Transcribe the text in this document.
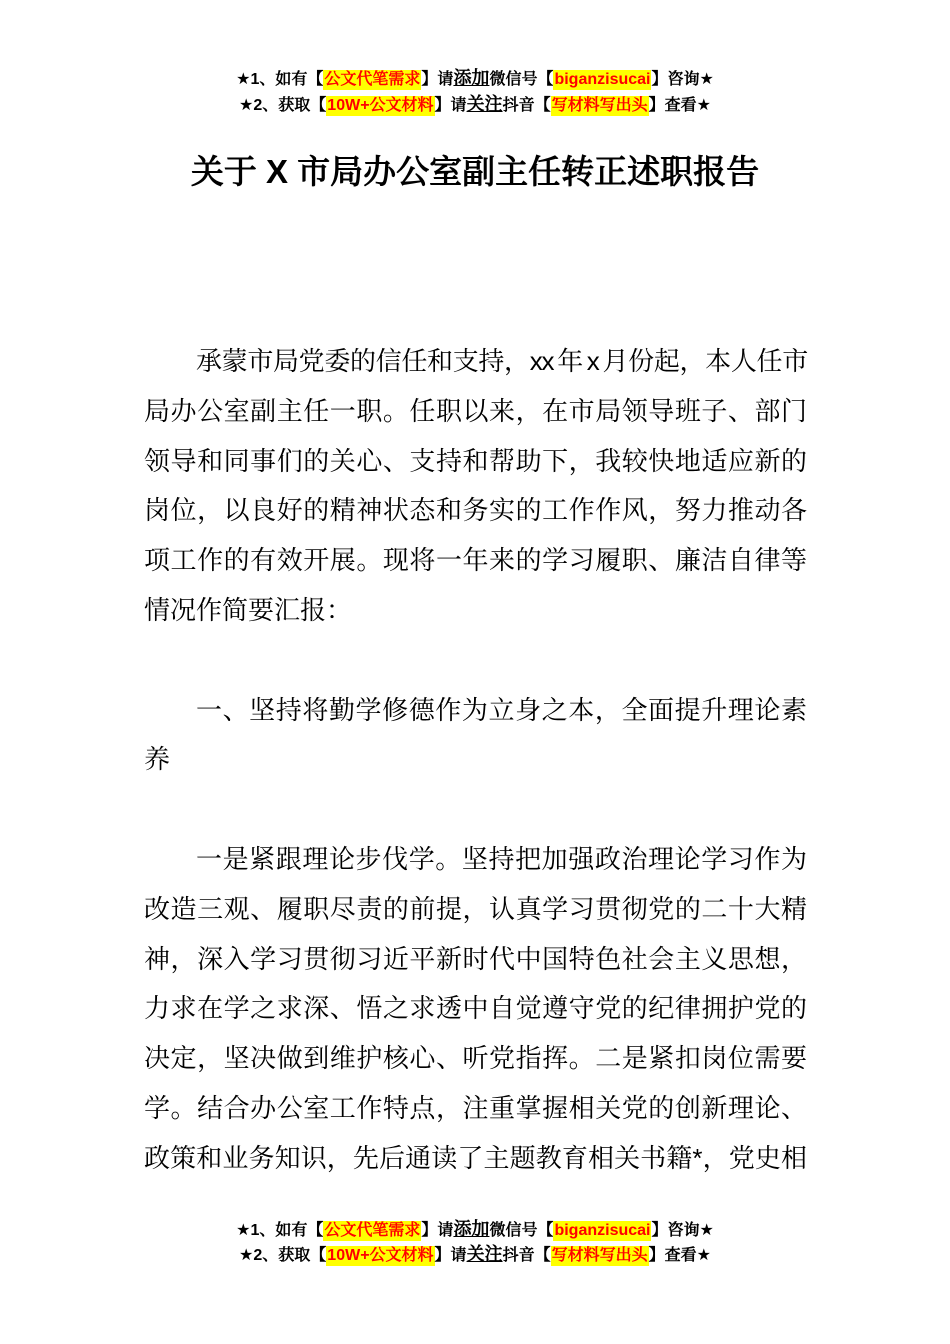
★1、如有【 公文代笔需求 】请 添加 微信号【 biganzisucai 】咨询★
★2、获取【 10W+公文材料 】请 关注 抖音【 写材料写出头 】查看★
关于 X 市局办公室副主任转正述职报告
承蒙市局党委的信任和支持，xx 年 x 月份起，本人任市
局办公室副主任一职。任职以来，在市局领导班子、部门
领导和同事们的关心、支持和帮助下，我较快地适应新的
岗位，以良好的精神状态和务实的工作作风，努力推动各
项工作的有效开展。现将一年来的学习履职、廉洁自律等
情况作简要汇报：
一、坚持将勤学修德作为立身之本，全面提升理论素
养
一是紧跟理论步伐学。坚持把加强政治理论学习作为
改造三观、履职尽责的前提，认真学习贯彻党的二十大精
神，深入学习贯彻习近平新时代中国特色社会主义思想，
力求在学之求深、悟之求透中自觉遵守党的纪律拥护党的
决定，坚决做到维护核心、听党指挥。二是紧扣岗位需要
学。结合办公室工作特点，注重掌握相关党的创新理论、
政策和业务知识，先后通读了主题教育相关书籍*，党史相
★1、如有【 公文代笔需求 】请 添加 微信号【 biganzisucai 】咨询★
★2、获取【 10W+公文材料 】请 关注 抖音【 写材料写出头 】查看★
